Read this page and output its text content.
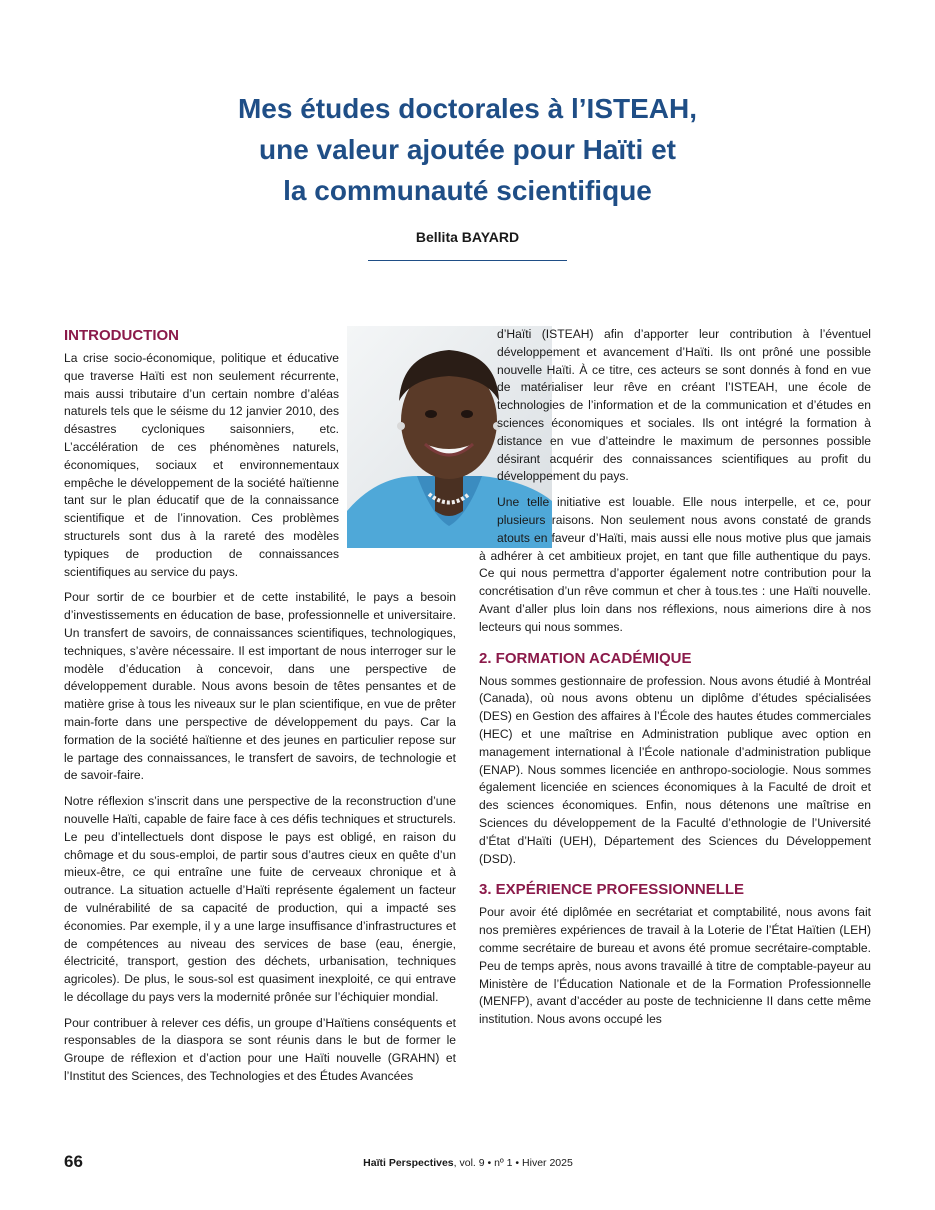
Mes études doctorales à l’ISTEAH,
une valeur ajoutée pour Haïti et
la communauté scientifique
Bellita BAYARD
INTRODUCTION

La crise socio-économique, politique et éducative que traverse Haïti est non seulement récurrente, mais aussi tributaire d’un certain nombre d’aléas naturels tels que le séisme du 12 janvier 2010, des désastres cycloniques saisonniers, etc. L’accélération de ces phénomènes naturels, économiques, sociaux et environnementaux empêche le développement de la société haïtienne tant sur le plan éducatif que de la connaissance scientifique et de l’innovation. Ces problèmes structurels sont dus à la rareté des modèles typiques de production de connaissances scientifiques au service du pays.

Pour sortir de ce bourbier et de cette instabilité, le pays a besoin d’investissements en éducation de base, professionnelle et universitaire. Un transfert de savoirs, de connaissances scientifiques, technologiques, techniques, s’avère nécessaire. Il est important de nous interroger sur le modèle d’éducation à concevoir, dans une perspective de développement durable. Nous avons besoin de têtes pensantes et de matière grise à tous les niveaux sur le plan scientifique, en vue de prêter main-forte dans une perspective de développement du pays. Car la formation de la société haïtienne et des jeunes en particulier repose sur le partage des connaissances, le transfert de savoirs, de technologie et de savoir-faire.

Notre réflexion s’inscrit dans une perspective de la reconstruction d’une nouvelle Haïti, capable de faire face à ces défis techniques et structurels. Le peu d’intellectuels dont dispose le pays est obligé, en raison du chômage et du sous-emploi, de partir sous d’autres cieux en quête d’un mieux-être, ce qui entraîne une fuite de cerveaux chronique et à outrance. La situation actuelle d’Haïti représente également un facteur de vulnérabilité de sa capacité de production, qui a impacté ses économies. Par exemple, il y a une large insuffisance d’infrastructures et de compétences au niveau des services de base (eau, énergie, électricité, transport, gestion des déchets, urbanisation, techniques agricoles). De plus, le sous-sol est quasiment inexploité, ce qui entrave le décollage du pays vers la modernité prônée sur l’échiquier mondial.

Pour contribuer à relever ces défis, un groupe d’Haïtiens conséquents et responsables de la diaspora se sont réunis dans le but de former le Groupe de réflexion et d’action pour une Haïti nouvelle (GRAHN) et l’Institut des Sciences, des Technologies et des Études Avancées

d’Haïti (ISTEAH) afin d’apporter leur contribution à l’éventuel développement et avancement d’Haïti. Ils ont prôné une possible nouvelle Haïti. À ce titre, ces acteurs se sont donnés à fond en vue de matérialiser leur rêve en créant l’ISTEAH, une école de technologies de l’information et de la communication et d’études en sciences économiques et sociales. Ils ont intégré la formation à distance en vue d’atteindre le maximum de personnes possible désirant acquérir des connaissances scientifiques au profit du développement du pays.

Une telle initiative est louable. Elle nous interpelle, et ce, pour plusieurs raisons. Non seulement nous avons constaté de grands atouts en faveur d’Haïti, mais aussi elle nous motive plus que jamais à adhérer à cet ambitieux projet, en tant que fille authentique du pays. Ce qui nous permettra d’apporter également notre contribution pour la concrétisation d’un rêve commun et cher à tous.tes : une Haïti nouvelle. Avant d’aller plus loin dans nos réflexions, nous aimerions dire à nos lecteurs qui nous sommes.

2. FORMATION ACADÉMIQUE

Nous sommes gestionnaire de profession. Nous avons étudié à Montréal (Canada), où nous avons obtenu un diplôme d’études spécialisées (DES) en Gestion des affaires à l’École des hautes études commerciales (HEC) et une maîtrise en Administration publique avec option en management international à l’École nationale d’administration publique (ENAP). Nous sommes licenciée en anthropo-sociologie. Nous sommes également licenciée en sciences économiques à la Faculté de droit et des sciences économiques. Enfin, nous détenons une maîtrise en Sciences du développement de la Faculté d’ethnologie de l’Université d’État d’Haïti (UEH), Département des Sciences du Développement (DSD).

3. EXPÉRIENCE PROFESSIONNELLE

Pour avoir été diplômée en secrétariat et comptabilité, nous avons fait nos premières expériences de travail à la Loterie de l’État Haïtien (LEH) comme secrétaire de bureau et avons été promue secrétaire-comptable. Peu de temps après, nous avons travaillé à titre de comptable-payeur au Ministère de l’Éducation Nationale et de la Formation Professionnelle (MENFP), avant d’accéder au poste de technicienne II dans cette même institution. Nous avons occupé les

66	Haïti Perspectives, vol. 9 • nº 1 • Hiver 2025
